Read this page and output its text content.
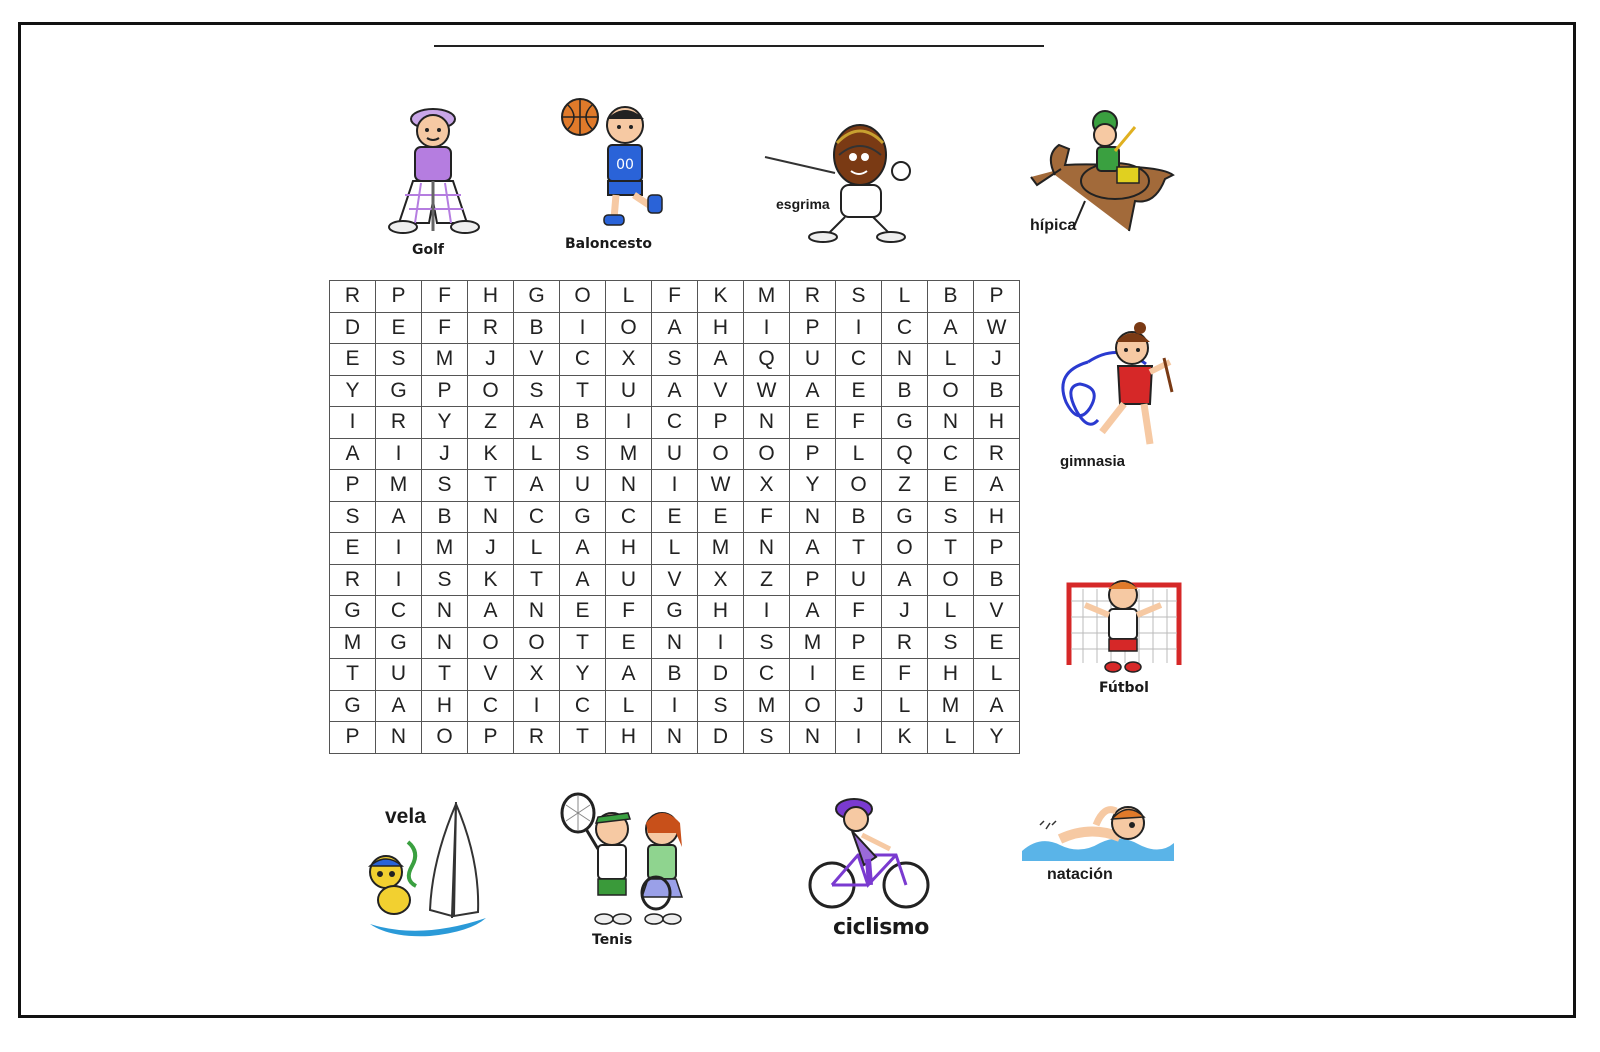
Golf
00
Baloncesto
esgrima
hípica
gimnasia
Fútbol
vela
Tenis	ciclismo
natación
R	P	F	H	G	O	L	F	K	M	R	S	L	B	P
D	E	F	R	B	I	O	A	H	I	P	I	C	A	W
E	S	M	J	V	C	X	S	A	Q	U	C	N	L	J
Y	G	P	O	S	T	U	A	V	W	A	E	B	O	B
I	R	Y	Z	A	B	I	C	P	N	E	F	G	N	H
A	I	J	K	L	S	M	U	O	O	P	L	Q	C	R
P	M	S	T	A	U	N	I	W	X	Y	O	Z	E	A
S	A	B	N	C	G	C	E	E	F	N	B	G	S	H
E	I	M	J	L	A	H	L	M	N	A	T	O	T	P
R	I	S	K	T	A	U	V	X	Z	P	U	A	O	B
G	C	N	A	N	E	F	G	H	I	A	F	J	L	V
M	G	N	O	O	T	E	N	I	S	M	P	R	S	E
T	U	T	V	X	Y	A	B	D	C	I	E	F	H	L
G	A	H	C	I	C	L	I	S	M	O	J	L	M	A
P	N	O	P	R	T	H	N	D	S	N	I	K	L	Y
